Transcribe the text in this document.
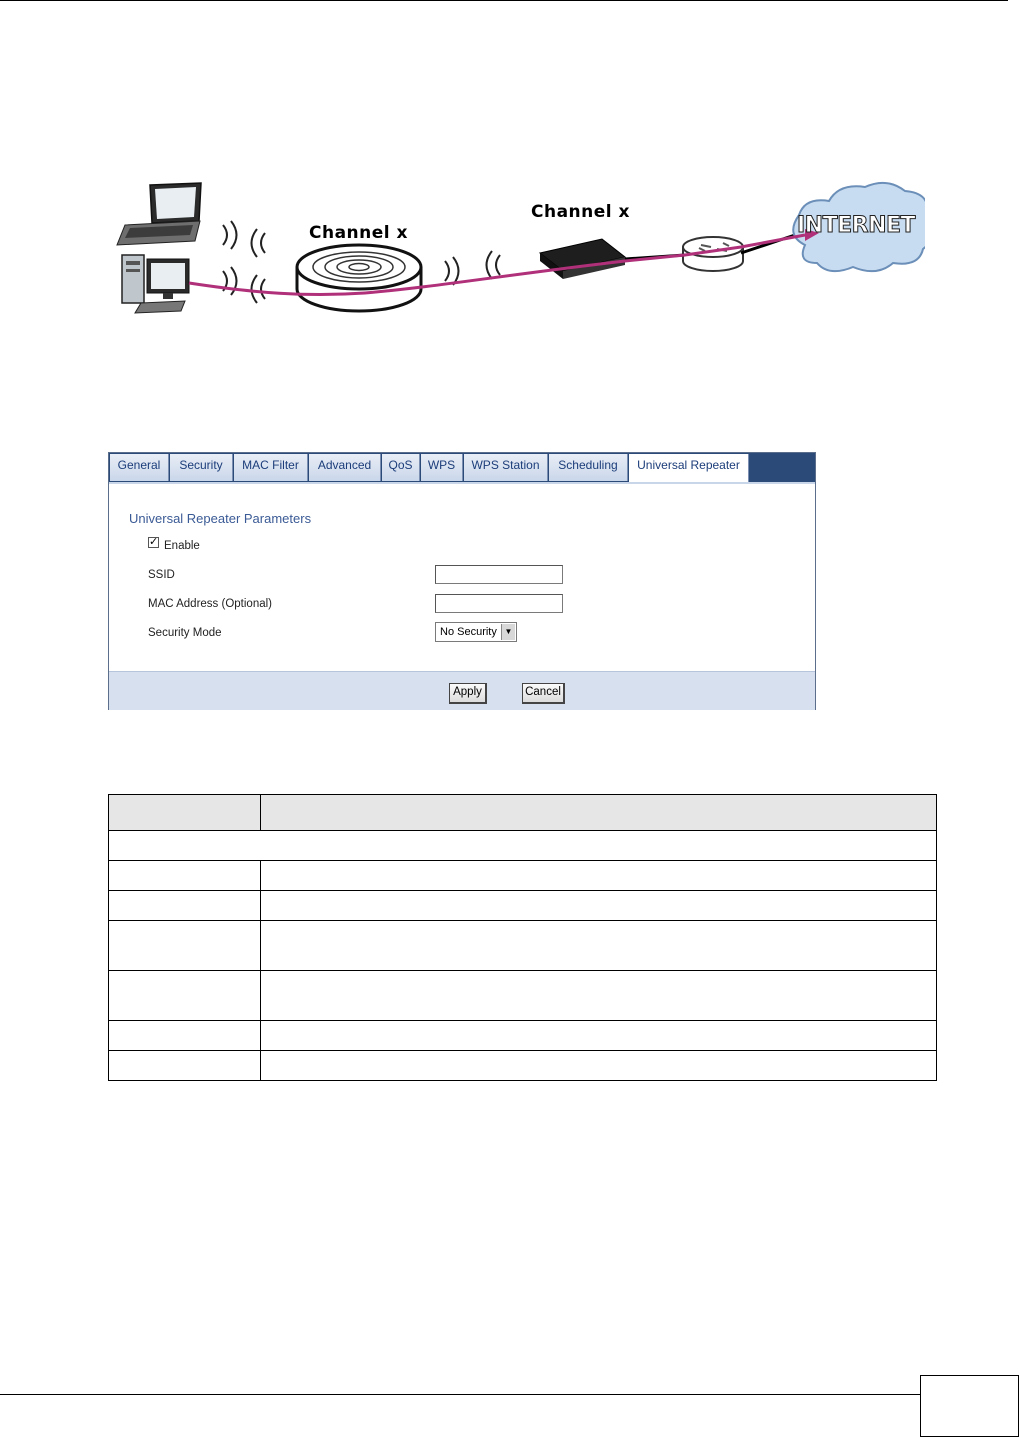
Channel x
Channel x
INTERNET
General	Security	MAC Filter	Advanced	QoS	WPS	WPS Station	Scheduling	Universal Repeater
Universal Repeater Parameters
✓ Enable
SSID
MAC Address (Optional)
Security Mode	No Security ▼
Apply	Cancel
